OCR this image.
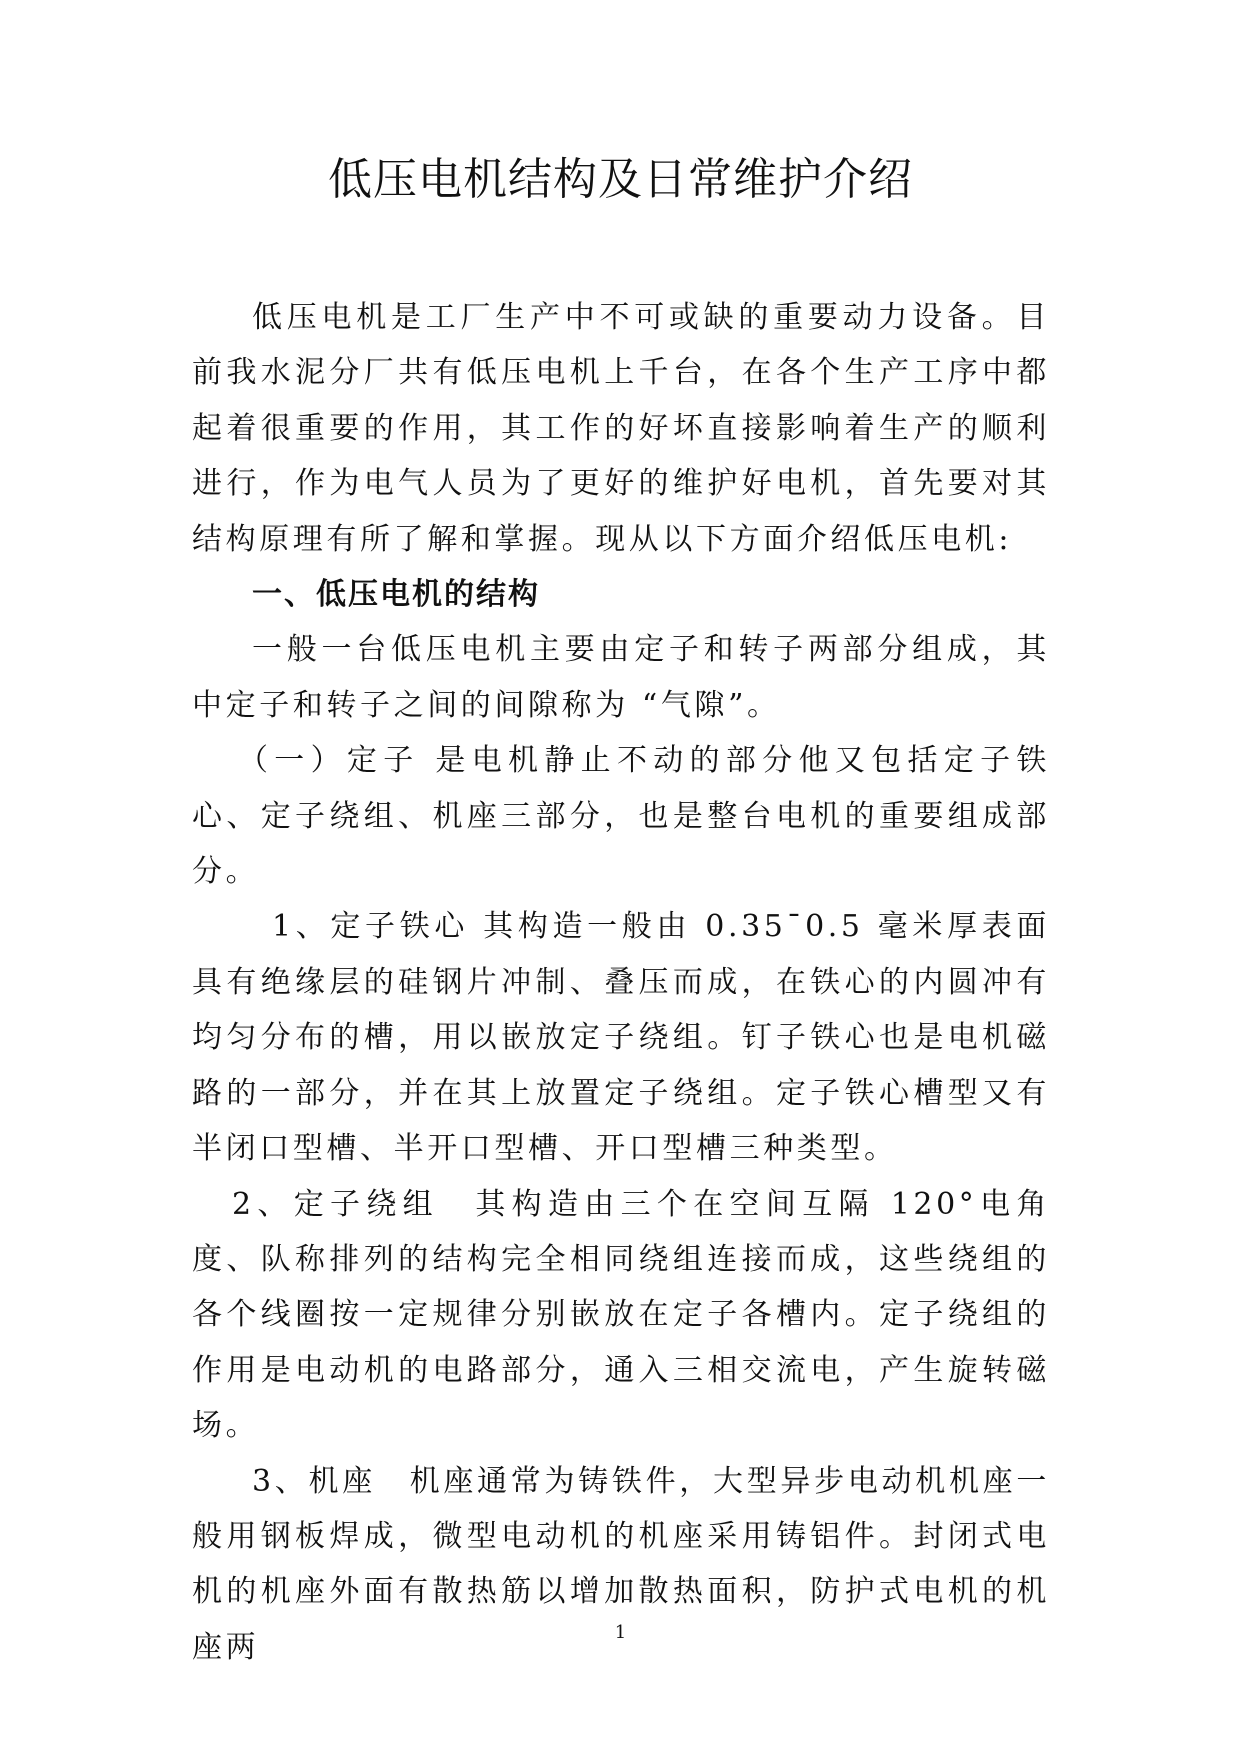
低压电机结构及日常维护介绍

低压电机是工厂生产中不可或缺的重要动力设备。目前我水泥分厂共有低压电机上千台，在各个生产工序中都起着很重要的作用，其工作的好坏直接影响着生产的顺利进行，作为电气人员为了更好的维护好电机，首先要对其结构原理有所了解和掌握。现从以下方面介绍低压电机:

一、低压电机的结构

一般一台低压电机主要由定子和转子两部分组成，其中定子和转子之间的间隙称为 “气隙”。

（一）定子 是电机静止不动的部分他又包括定子铁心、定子绕组、机座三部分，也是整台电机的重要组成部分。

1、定子铁心 其构造一般由 0.35¯0.5 毫米厚表面具有绝缘层的硅钢片冲制、叠压而成，在铁心的内圆冲有均匀分布的槽，用以嵌放定子绕组。钉子铁心也是电机磁路的一部分，并在其上放置定子绕组。定子铁心槽型又有半闭口型槽、半开口型槽、开口型槽三种类型。

2、定子绕组　其构造由三个在空间互隔 120°电角度、队称排列的结构完全相同绕组连接而成，这些绕组的各个线圈按一定规律分别嵌放在定子各槽内。定子绕组的作用是电动机的电路部分，通入三相交流电，产生旋转磁场。

3、机座　机座通常为铸铁件，大型异步电动机机座一般用钢板焊成，微型电动机的机座采用铸铝件。封闭式电机的机座外面有散热筋以增加散热面积，防护式电机的机座两	1
